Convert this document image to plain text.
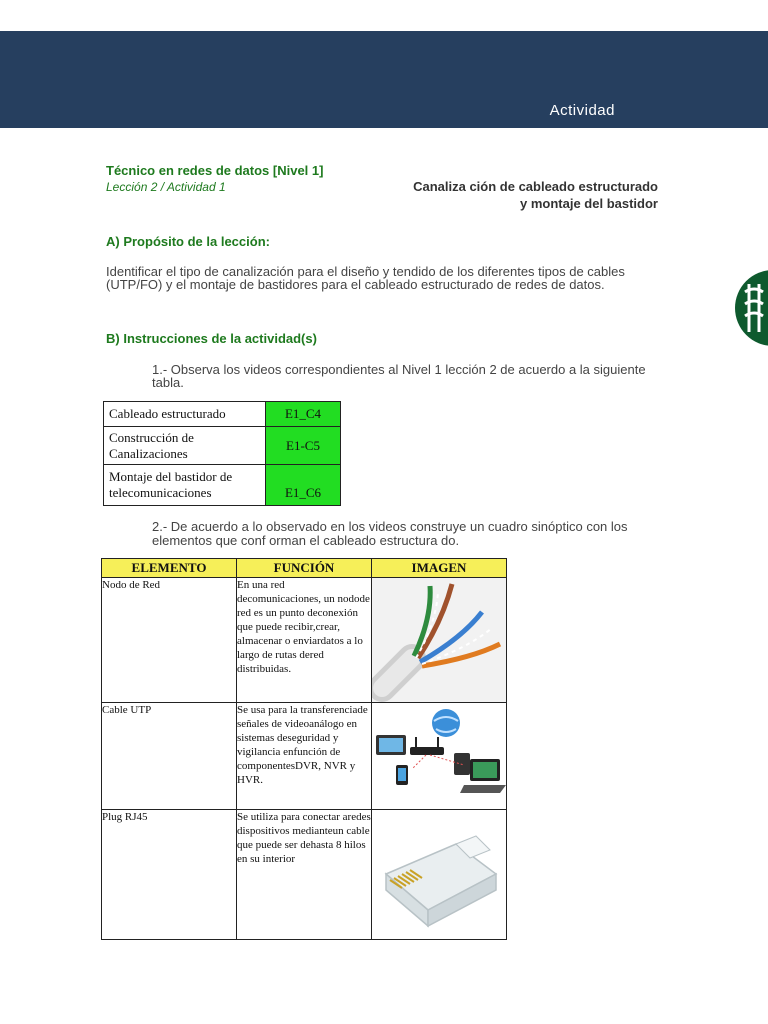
Actividad
Técnico en redes de datos [Nivel 1]
Lección 2 / Actividad 1	Canaliza ción de cableado estructurado
y montaje del bastidor
A) Propósito de la lección:
Identificar el tipo de canalización para el diseño y tendido de los diferentes tipos de cables (UTP/FO) y el montaje de bastidores para el cableado estructurado de redes de datos.
B) Instrucciones de la actividad(s)
1.- Observa los videos correspondientes al Nivel 1 lección 2 de acuerdo a la siguiente tabla.
Cableado estructurado	E1_C4
Construcción de Canalizaciones	E1-C5
Montaje del bastidor de telecomunicaciones	E1_C6
2.- De acuerdo a lo observado en los videos construye un cuadro sinóptico con los elementos que conf orman el cableado estructura do.
ELEMENTO	FUNCIÓN	IMAGEN
Nodo de Red	En una red decomunicaciones, un nodode red es un punto deconexión que puede recibir,crear, almacenar o enviardatos a lo largo de rutas dered distribuidas.	

Cable UTP	Se usa para la transferenciade señales de videoanálogo en sistemas deseguridad y vigilancia enfunción de componentesDVR, NVR y HVR.	

Plug RJ45	Se utiliza para conectar aredes dispositivos medianteun cable que puede ser dehasta 8 hilos en su interior	
